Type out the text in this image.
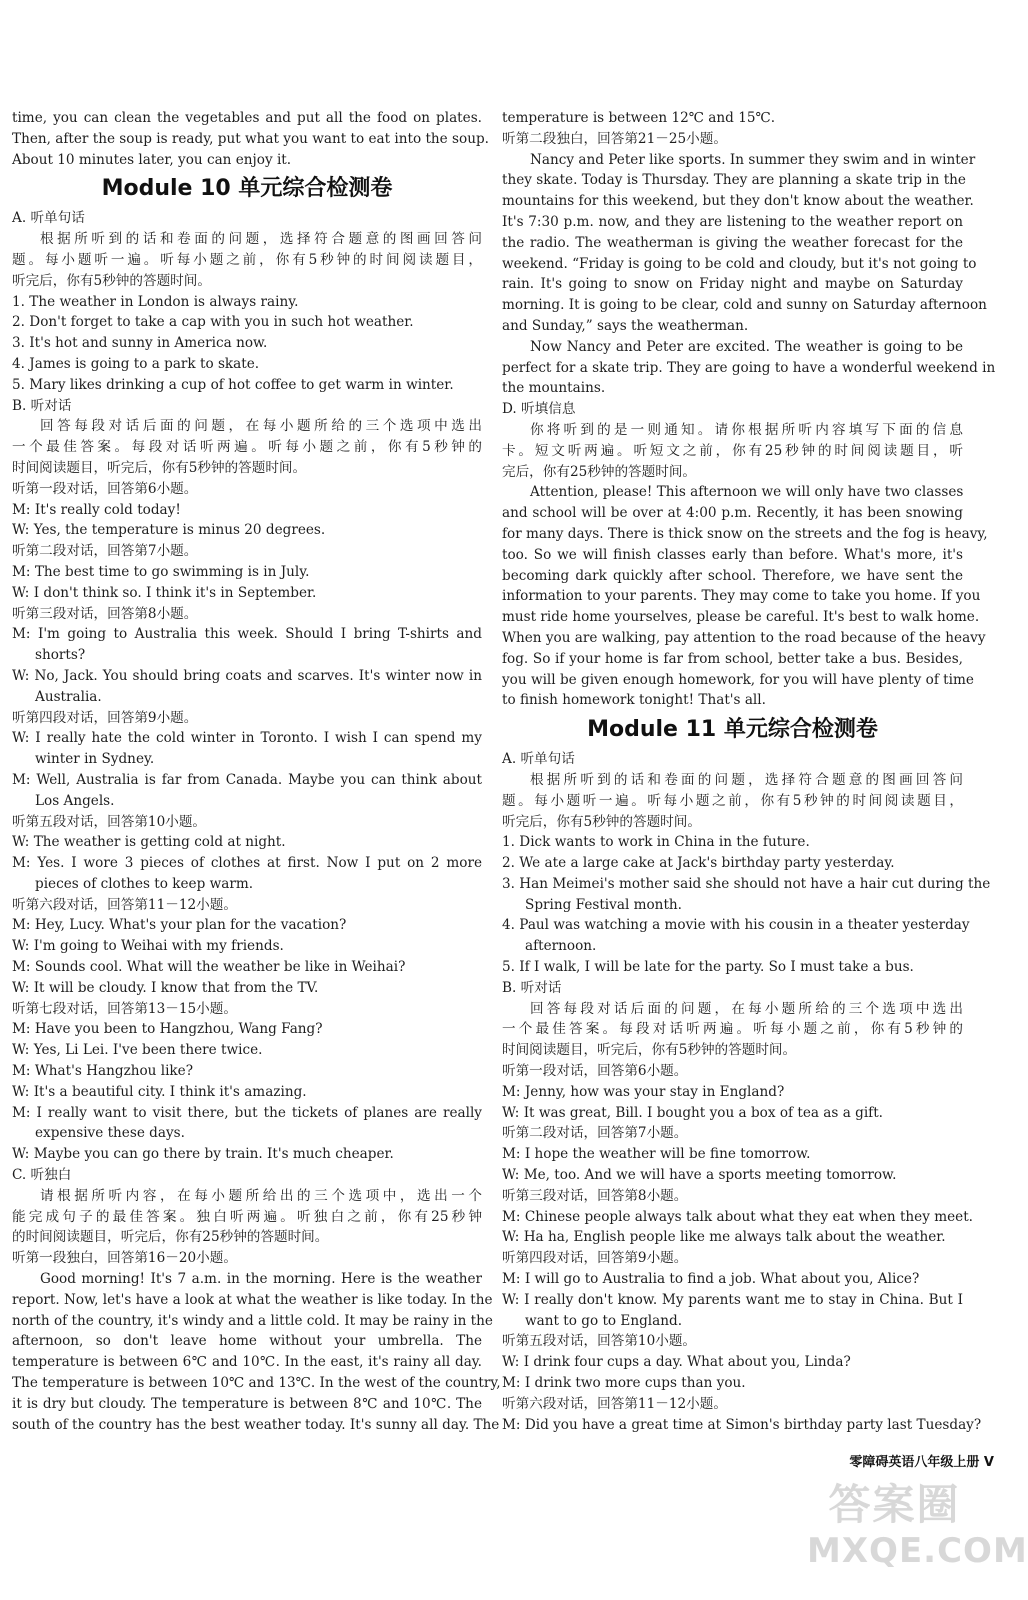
time, you can clean the vegetables and put all the food on plates.
Then, after the soup is ready, put what you want to eat into the soup.
About 10 minutes later, you can enjoy it.
Module 10 单元综合检测卷
A. 听单句话
根据所听到的话和卷面的问题，选择符合题意的图画回答问
题。每小题听一遍。听每小题之前，你有5秒钟的时间阅读题目，
听完后，你有5秒钟的答题时间。
1. The weather in London is always rainy.
2. Don't forget to take a cap with you in such hot weather.
3. It's hot and sunny in America now.
4. James is going to a park to skate.
5. Mary likes drinking a cup of hot coffee to get warm in winter.
B. 听对话
回答每段对话后面的问题，在每小题所给的三个选项中选出
一个最佳答案。每段对话听两遍。听每小题之前，你有5秒钟的
时间阅读题目，听完后，你有5秒钟的答题时间。
听第一段对话，回答第6小题。
M: It's really cold today!
W: Yes, the temperature is minus 20 degrees.
听第二段对话，回答第7小题。
M: The best time to go swimming is in July.
W: I don't think so. I think it's in September.
听第三段对话，回答第8小题。
M: I'm going to Australia this week. Should I bring T-shirts and
shorts?
W: No, Jack. You should bring coats and scarves. It's winter now in
Australia.
听第四段对话，回答第9小题。
W: I really hate the cold winter in Toronto. I wish I can spend my
winter in Sydney.
M: Well, Australia is far from Canada. Maybe you can think about
Los Angels.
听第五段对话，回答第10小题。
W: The weather is getting cold at night.
M: Yes. I wore 3 pieces of clothes at first. Now I put on 2 more
pieces of clothes to keep warm.
听第六段对话，回答第11－12小题。
M: Hey, Lucy. What's your plan for the vacation?
W: I'm going to Weihai with my friends.
M: Sounds cool. What will the weather be like in Weihai?
W: It will be cloudy. I know that from the TV.
听第七段对话，回答第13－15小题。
M: Have you been to Hangzhou, Wang Fang?
W: Yes, Li Lei. I've been there twice.
M: What's Hangzhou like?
W: It's a beautiful city. I think it's amazing.
M: I really want to visit there, but the tickets of planes are really
expensive these days.
W: Maybe you can go there by train. It's much cheaper.
C. 听独白
请根据所听内容，在每小题所给出的三个选项中，选出一个
能完成句子的最佳答案。独白听两遍。听独白之前，你有25秒钟
的时间阅读题目，听完后，你有25秒钟的答题时间。
听第一段独白，回答第16－20小题。
Good morning! It's 7 a.m. in the morning. Here is the weather
report. Now, let's have a look at what the weather is like today. In the
north of the country, it's windy and a little cold. It may be rainy in the
afternoon, so don't leave home without your umbrella. The
temperature is between 6℃ and 10℃. In the east, it's rainy all day.
The temperature is between 10℃ and 13℃. In the west of the country,
it is dry but cloudy. The temperature is between 8℃ and 10℃. The
south of the country has the best weather today. It's sunny all day. The
temperature is between 12℃ and 15℃.
听第二段独白，回答第21－25小题。
Nancy and Peter like sports. In summer they swim and in winter
they skate. Today is Thursday. They are planning a skate trip in the
mountains for this weekend, but they don't know about the weather.
It's 7:30 p.m. now, and they are listening to the weather report on
the radio. The weatherman is giving the weather forecast for the
weekend. “Friday is going to be cold and cloudy, but it's not going to
rain. It's going to snow on Friday night and maybe on Saturday
morning. It is going to be clear, cold and sunny on Saturday afternoon
and Sunday,” says the weatherman.
Now Nancy and Peter are excited. The weather is going to be
perfect for a skate trip. They are going to have a wonderful weekend in
the mountains.
D. 听填信息
你将听到的是一则通知。请你根据所听内容填写下面的信息
卡。短文听两遍。听短文之前，你有25秒钟的时间阅读题目，听
完后，你有25秒钟的答题时间。
Attention, please! This afternoon we will only have two classes
and school will be over at 4:00 p.m. Recently, it has been snowing
for many days. There is thick snow on the streets and the fog is heavy,
too. So we will finish classes early than before. What's more, it's
becoming dark quickly after school. Therefore, we have sent the
information to your parents. They may come to take you home. If you
must ride home yourselves, please be careful. It's best to walk home.
When you are walking, pay attention to the road because of the heavy
fog. So if your home is far from school, better take a bus. Besides,
you will be given enough homework, for you will have plenty of time
to finish homework tonight! That's all.
Module 11 单元综合检测卷
A. 听单句话
根据所听到的话和卷面的问题，选择符合题意的图画回答问
题。每小题听一遍。听每小题之前，你有5秒钟的时间阅读题目，
听完后，你有5秒钟的答题时间。
1. Dick wants to work in China in the future.
2. We ate a large cake at Jack's birthday party yesterday.
3. Han Meimei's mother said she should not have a hair cut during the
Spring Festival month.
4. Paul was watching a movie with his cousin in a theater yesterday
afternoon.
5. If I walk, I will be late for the party. So I must take a bus.
B. 听对话
回答每段对话后面的问题，在每小题所给的三个选项中选出
一个最佳答案。每段对话听两遍。听每小题之前，你有5秒钟的
时间阅读题目，听完后，你有5秒钟的答题时间。
听第一段对话，回答第6小题。
M: Jenny, how was your stay in England?
W: It was great, Bill. I bought you a box of tea as a gift.
听第二段对话，回答第7小题。
M: I hope the weather will be fine tomorrow.
W: Me, too. And we will have a sports meeting tomorrow.
听第三段对话，回答第8小题。
M: Chinese people always talk about what they eat when they meet.
W: Ha ha, English people like me always talk about the weather.
听第四段对话，回答第9小题。
M: I will go to Australia to find a job. What about you, Alice?
W: I really don't know. My parents want me to stay in China. But I
want to go to England.
听第五段对话，回答第10小题。
W: I drink four cups a day. What about you, Linda?
M: I drink two more cups than you.
听第六段对话，回答第11－12小题。
M: Did you have a great time at Simon's birthday party last Tuesday?
零障碍英语八年级上册 V
答案圈
MXQE.COM
